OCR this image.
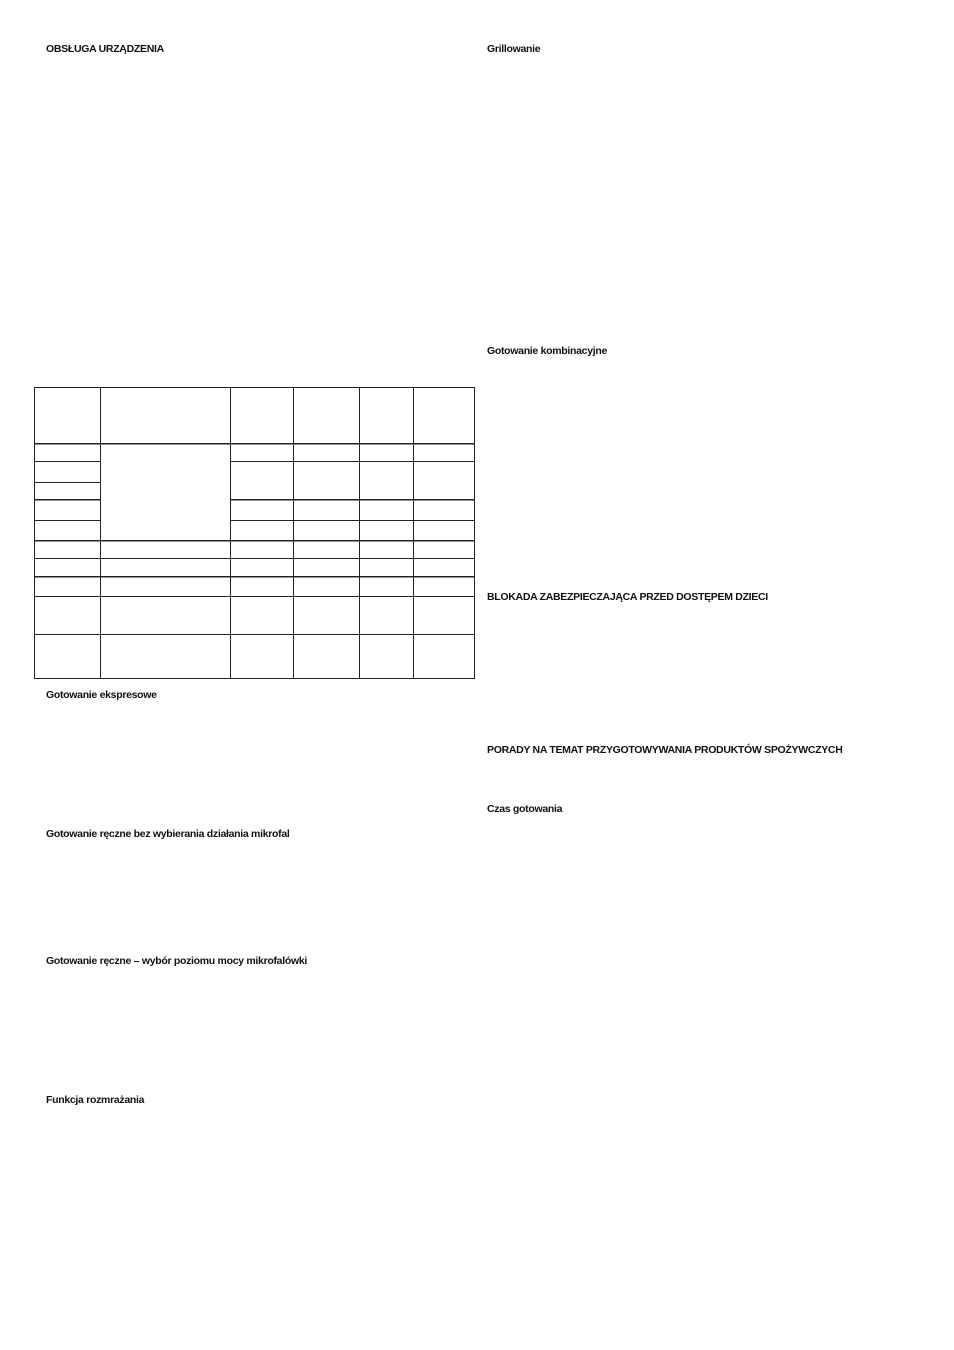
OBSŁUGA URZĄDZENIA
Gotowanie ekspresowe
Gotowanie ręczne bez wybierania działania mikrofal
Gotowanie ręczne – wybór poziomu mocy mikrofalówki
Funkcja rozmrażania
Grillowanie
Gotowanie kombinacyjne
BLOKADA ZABEZPIECZAJĄCA PRZED DOSTĘPEM DZIECI
PORADY NA TEMAT PRZYGOTOWYWANIA PRODUKTÓW SPOŻYWCZYCH
Czas gotowania
